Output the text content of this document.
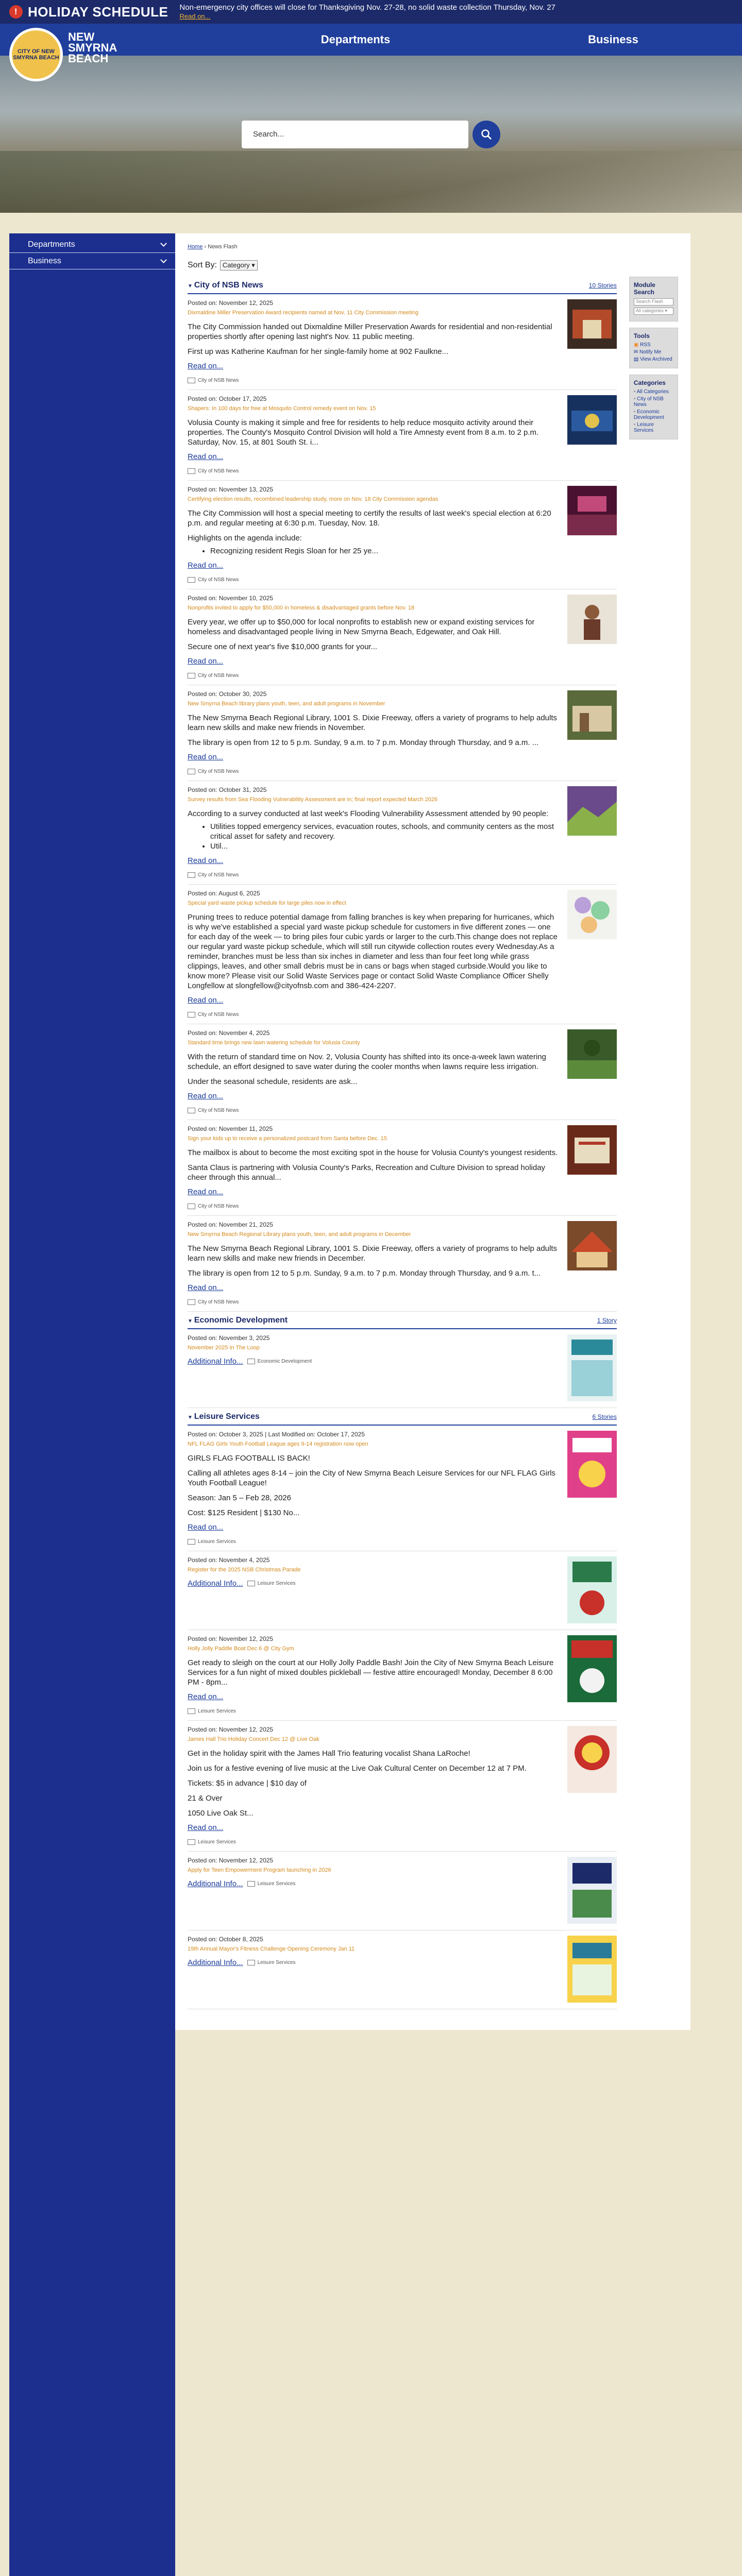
! HOLIDAY SCHEDULE Non-emergency city offices will close for Thanksgiving Nov. 27-28, no solid waste collection Thursday, Nov. 27
Read on...
CITY OF NEW SMYRNA BEACH
NEW
SMYRNA
BEACH
Departments	Business
Search...
Departments
Business
Home › News Flash
Sort By: Category ▾
▼ City of NSB News	10 Stories
Posted on: November 12, 2025
Dixmaldine Miller Preservation Award recipients named at Nov. 11 City Commission meeting
The City Commission handed out Dixmaldine Miller Preservation Awards for residential and non-residential properties shortly after opening last night's Nov. 11 public meeting.
First up was Katherine Kaufman for her single-family home at 902 Faulkne...
Read on...
City of NSB News
Posted on: October 17, 2025
Shapers: In 100 days for free at Mosquito Control remedy event on Nov. 15
Volusia County is making it simple and free for residents to help reduce mosquito activity around their properties. The County's Mosquito Control Division will hold a Tire Amnesty event from 8 a.m. to 2 p.m. Saturday, Nov. 15, at 801 South St. i...
Read on...
City of NSB News
Posted on: November 13, 2025
Certifying election results, recombined leadership study, more on Nov. 18 City Commission agendas
The City Commission will host a special meeting to certify the results of last week's special election at 6:20 p.m. and regular meeting at 6:30 p.m. Tuesday, Nov. 18.
Highlights on the agenda include:
• Recognizing resident Regis Sloan for her 25 ye...
Read on...
City of NSB News
Posted on: November 10, 2025
Nonprofits invited to apply for $50,000 in homeless & disadvantaged grants before Nov. 18
Every year, we offer up to $50,000 for local nonprofits to establish new or expand existing services for homeless and disadvantaged people living in New Smyrna Beach, Edgewater, and Oak Hill.
Secure one of next year's five $10,000 grants for your...
Read on...
City of NSB News
Posted on: October 30, 2025
New Smyrna Beach library plans youth, teen, and adult programs in November
The New Smyrna Beach Regional Library, 1001 S. Dixie Freeway, offers a variety of programs to help adults learn new skills and make new friends in November.
The library is open from 12 to 5 p.m. Sunday, 9 a.m. to 7 p.m. Monday through Thursday, and 9 a.m. ...
Read on...
City of NSB News
Posted on: October 31, 2025
Survey results from Sea Flooding Vulnerability Assessment are in; final report expected March 2026
According to a survey conducted at last week's Flooding Vulnerability Assessment attended by 90 people:
• Utilities topped emergency services, evacuation routes, schools, and community centers as the most critical asset for safety and recovery.
• Util...
Read on...
City of NSB News
Posted on: August 6, 2025
Special yard waste pickup schedule for large piles now in effect
Pruning trees to reduce potential damage from falling branches is key when preparing for hurricanes, which is why we've established a special yard waste pickup schedule for customers in five different zones — one for each day of the week — to bring piles four cubic yards or larger to the curb.This change does not replace our regular yard waste pickup schedule, which will still run citywide collection routes every Wednesday.As a reminder, branches must be less than six inches in diameter and less than four feet long while grass clippings, leaves, and other small debris must be in cans or bags when staged curbside.Would you like to know more? Please visit our Solid Waste Services page or contact Solid Waste Compliance Officer Shelly Longfellow at slongfellow@cityofnsb.com and 386-424-2207.
Read on...
City of NSB News
Posted on: November 4, 2025
Standard time brings new lawn watering schedule for Volusia County
With the return of standard time on Nov. 2, Volusia County has shifted into its once-a-week lawn watering schedule, an effort designed to save water during the cooler months when lawns require less irrigation.
Under the seasonal schedule, residents are ask...
Read on...
City of NSB News
Posted on: November 11, 2025
Sign your kids up to receive a personalized postcard from Santa before Dec. 15
The mailbox is about to become the most exciting spot in the house for Volusia County's youngest residents.
Santa Claus is partnering with Volusia County's Parks, Recreation and Culture Division to spread holiday cheer through this annual...
Read on...
City of NSB News
Posted on: November 21, 2025
New Smyrna Beach Regional Library plans youth, teen, and adult programs in December
The New Smyrna Beach Regional Library, 1001 S. Dixie Freeway, offers a variety of programs to help adults learn new skills and make new friends in December.
The library is open from 12 to 5 p.m. Sunday, 9 a.m. to 7 p.m. Monday through Thursday, and 9 a.m. t...
Read on...
City of NSB News
▼ Economic Development	1 Story
Posted on: November 3, 2025
November 2025 In The Loop
Additional Info...	Economic Development
▼ Leisure Services	6 Stories
Posted on: October 3, 2025 | Last Modified on: October 17, 2025
NFL FLAG Girls Youth Football League ages 9-14 registration now open
GIRLS FLAG FOOTBALL IS BACK!
Calling all athletes ages 8-14 – join the City of New Smyrna Beach Leisure Services for our NFL FLAG Girls Youth Football League!
Season: Jan 5 – Feb 28, 2026
Cost: $125 Resident | $130 No...
Read on...
Leisure Services
Posted on: November 4, 2025
Register for the 2025 NSB Christmas Parade
Additional Info...	Leisure Services
Posted on: November 12, 2025
Holly Jolly Paddle Boat Dec 6 @ City Gym
Get ready to sleigh on the court at our Holly Jolly Paddle Bash! Join the City of New Smyrna Beach Leisure Services for a fun night of mixed doubles pickleball — festive attire encouraged! Monday, December 8 6:00 PM - 8pm...
Read on...
Leisure Services
Posted on: November 12, 2025
James Hall Trio Holiday Concert Dec 12 @ Live Oak
Get in the holiday spirit with the James Hall Trio featuring vocalist Shana LaRoche!
Join us for a festive evening of live music at the Live Oak Cultural Center on December 12 at 7 PM.
Tickets: $5 in advance | $10 day of
21 & Over
1050 Live Oak St...
Read on...
Leisure Services
Posted on: November 12, 2025
Apply for Teen Empowerment Program launching in 2026
Additional Info...	Leisure Services
Posted on: October 8, 2025
19th Annual Mayor's Fitness Challenge Opening Ceremony Jan 11
Additional Info...	Leisure Services
Module Search
Search Flash
All categories ▾
Tools
▣ RSS
✉ Notify Me
▤ View Archived
Categories
• All Categories
• City of NSB News
• Economic Development
• Leisure Services
